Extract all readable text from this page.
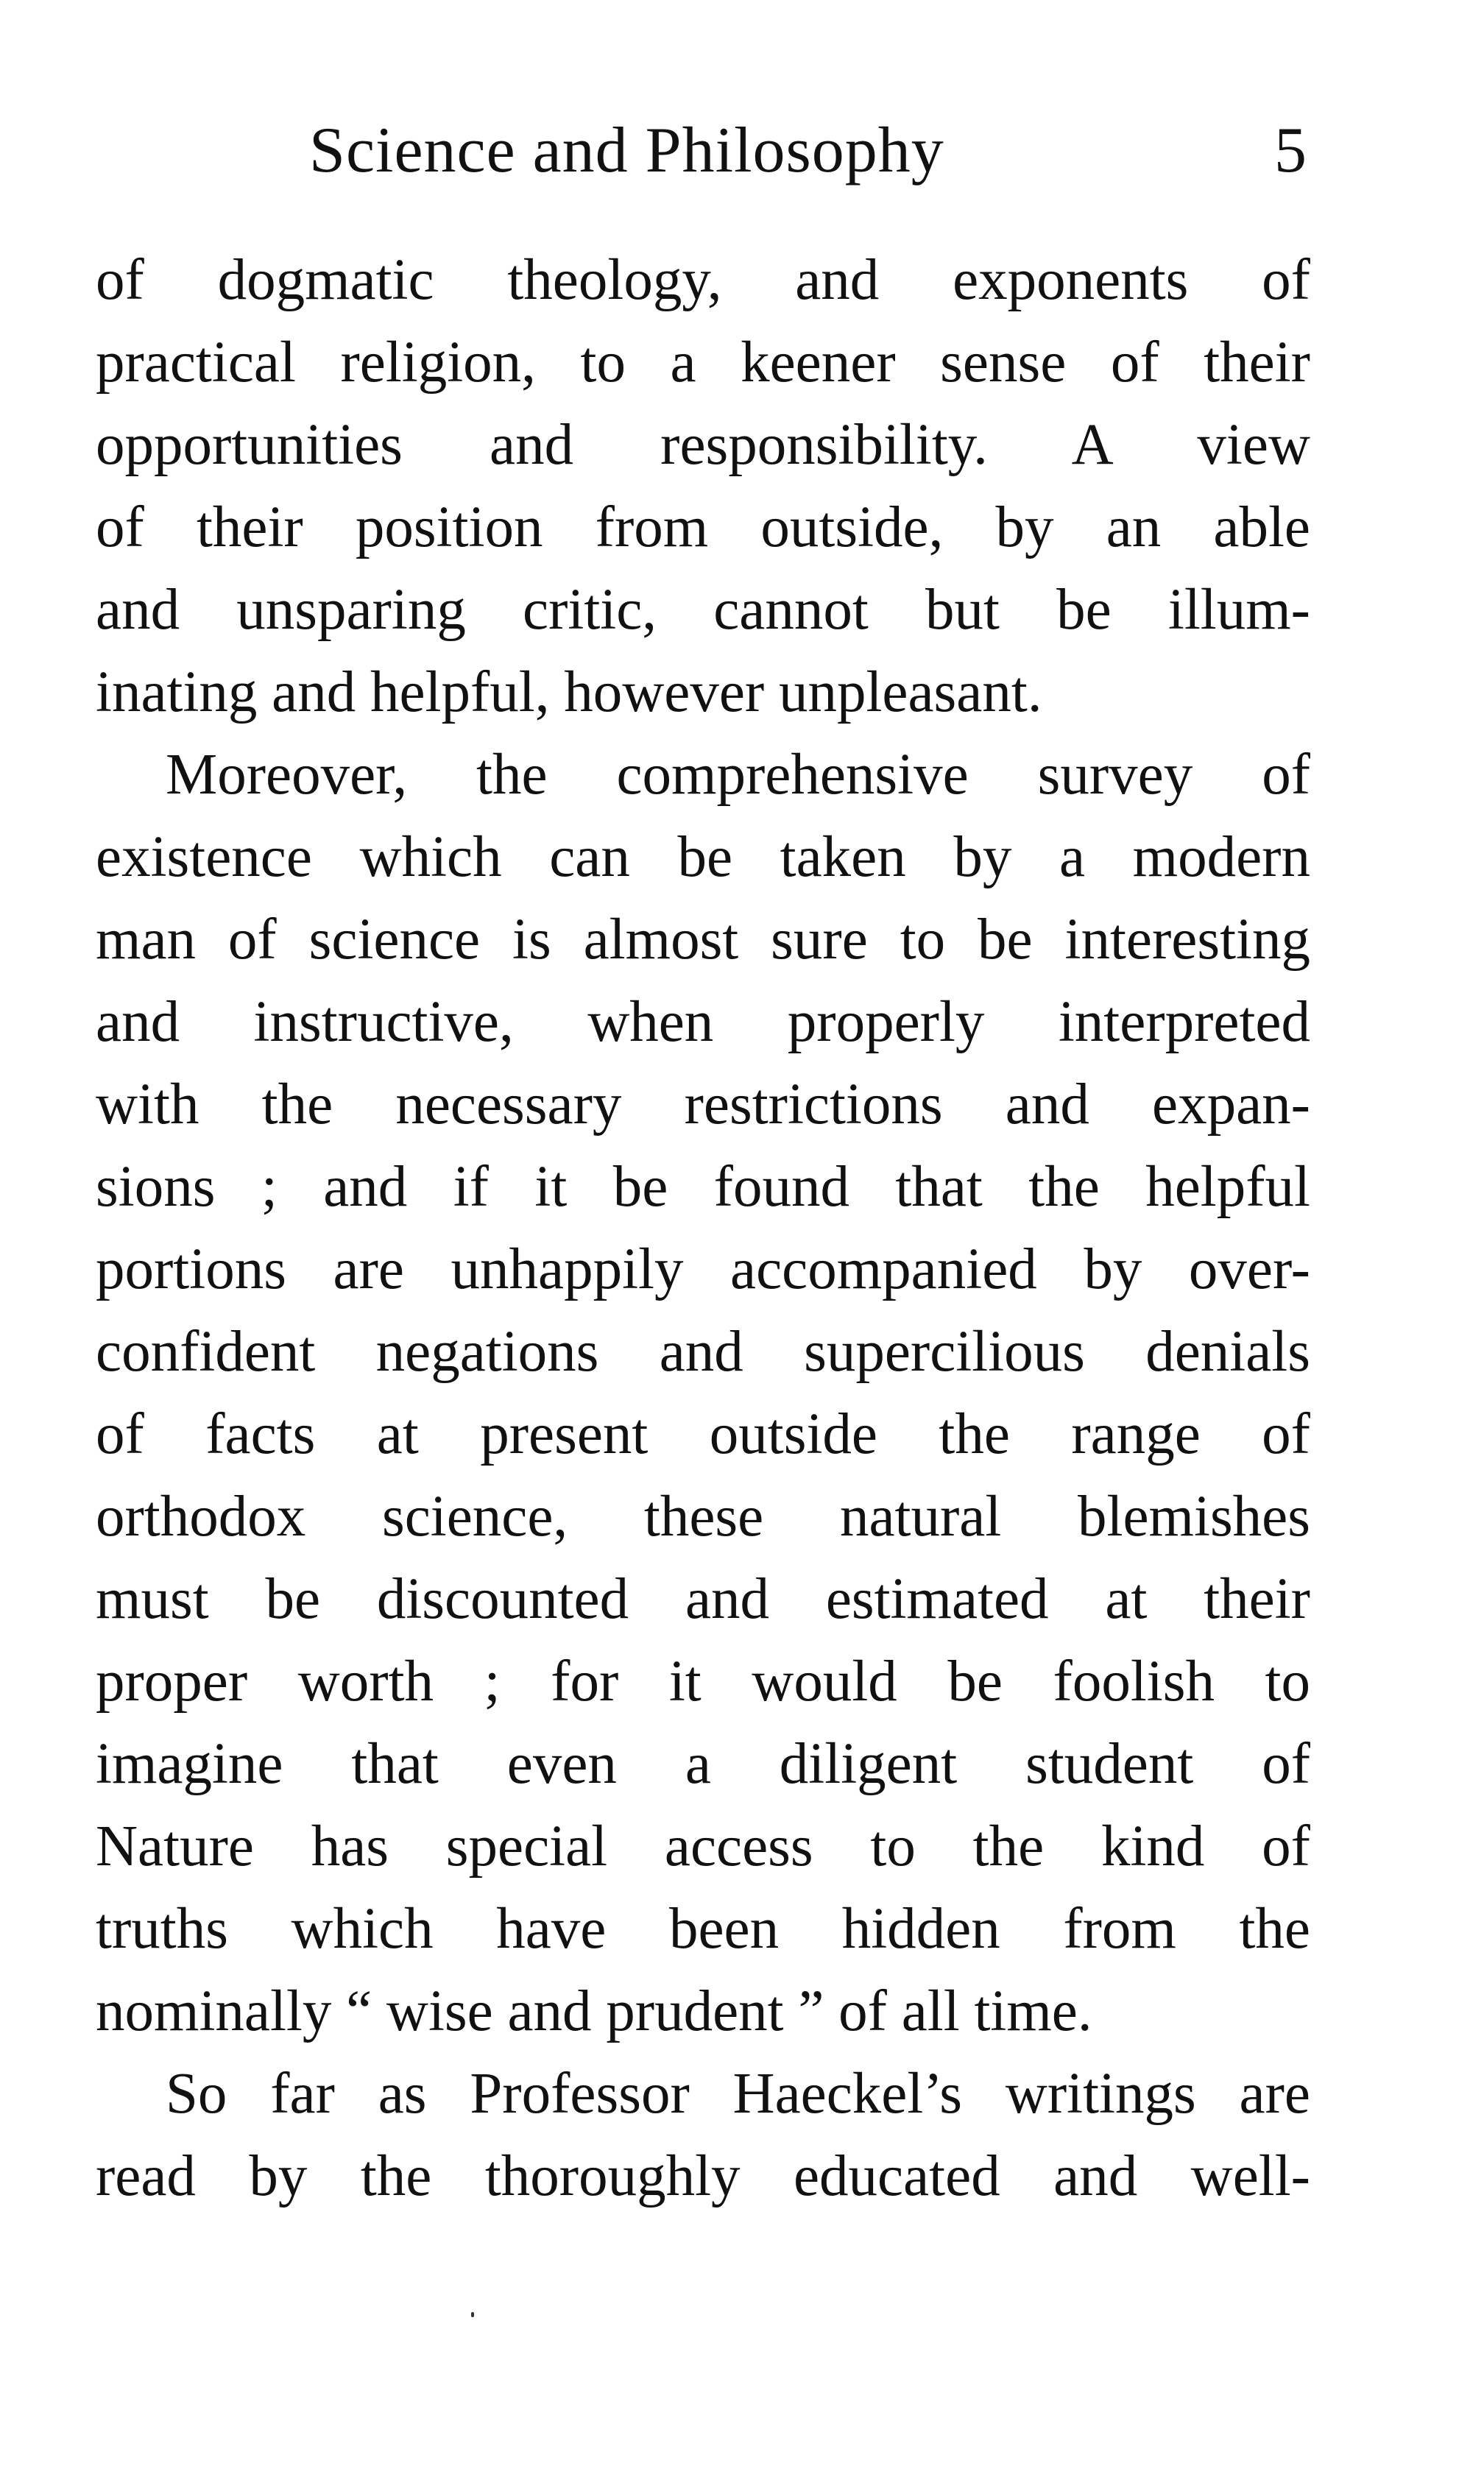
Science and Philosophy	5
of dogmatic theology, and exponents of
practical religion, to a keener sense of their
opportunities and responsibility. A view
of their position from outside, by an able
and unsparing critic, cannot but be illum-
inating and helpful, however unpleasant.
Moreover, the comprehensive survey of
existence which can be taken by a modern
man of science is almost sure to be interesting
and instructive, when properly interpreted
with the necessary restrictions and expan-
sions ; and if it be found that the helpful
portions are unhappily accompanied by over-
confident negations and supercilious denials
of facts at present outside the range of
orthodox science, these natural blemishes
must be discounted and estimated at their
proper worth ; for it would be foolish to
imagine that even a diligent student of
Nature has special access to the kind of
truths which have been hidden from the
nominally “ wise and prudent ” of all time.
So far as Professor Haeckel’s writings are
read by the thoroughly educated and well-
